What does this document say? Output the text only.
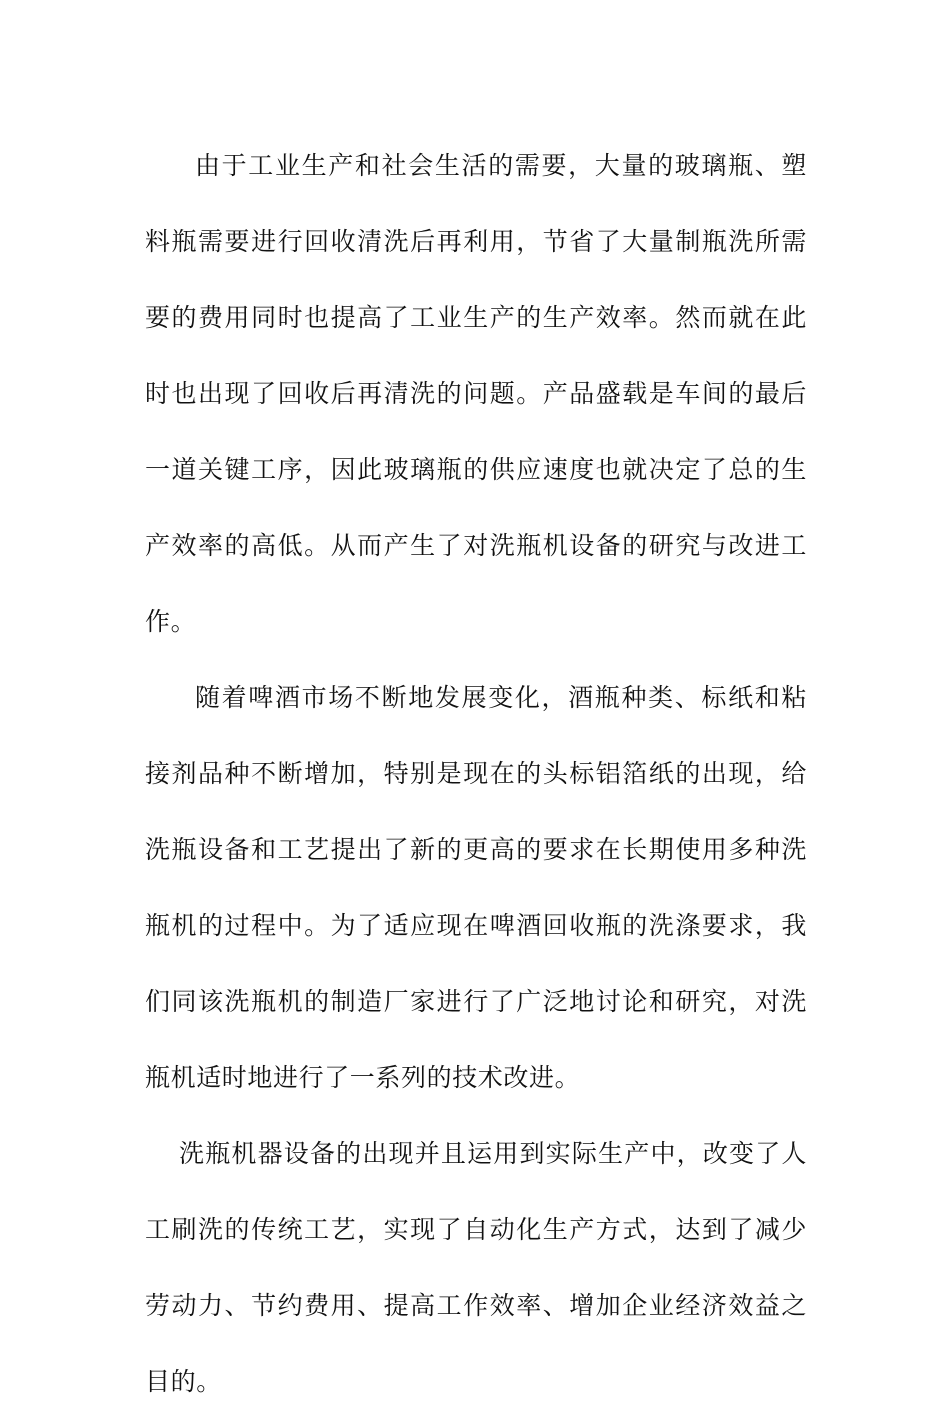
由于工业生产和社会生活的需要，大量的玻璃瓶、塑料瓶需要进行回收清洗后再利用，节省了大量制瓶洗所需要的费用同时也提高了工业生产的生产效率。然而就在此时也出现了回收后再清洗的问题。产品盛载是车间的最后一道关键工序，因此玻璃瓶的供应速度也就决定了总的生产效率的高低。从而产生了对洗瓶机设备的研究与改进工作。

随着啤酒市场不断地发展变化，酒瓶种类、标纸和粘接剂品种不断增加，特别是现在的头标铝箔纸的出现，给洗瓶设备和工艺提出了新的更高的要求在长期使用多种洗瓶机的过程中。为了适应现在啤酒回收瓶的洗涤要求，我们同该洗瓶机的制造厂家进行了广泛地讨论和研究，对洗瓶机适时地进行了一系列的技术改进。

洗瓶机器设备的出现并且运用到实际生产中，改变了人工刷洗的传统工艺，实现了自动化生产方式，达到了减少劳动力、节约费用、提高工作效率、增加企业经济效益之目的。
